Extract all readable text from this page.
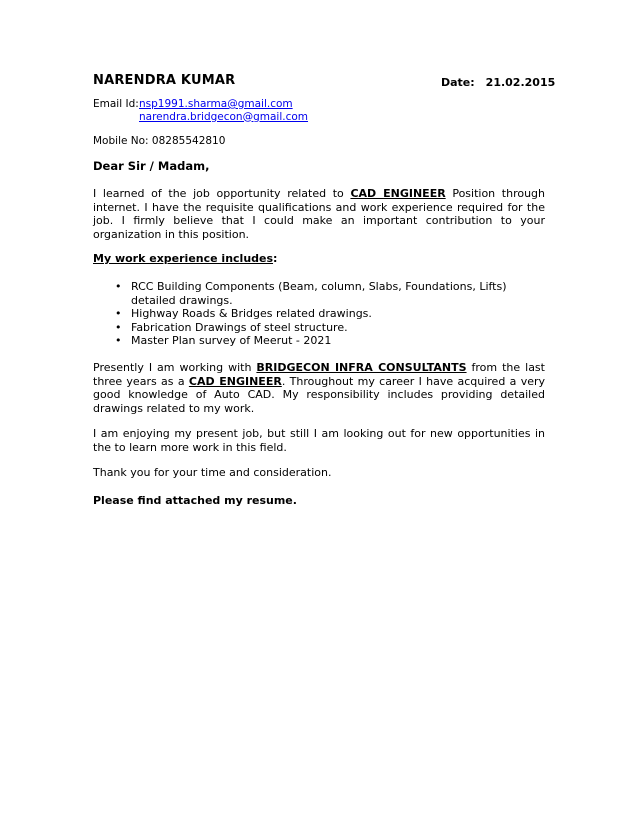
NARENDRA KUMAR	Date: 21.02.2015
Email Id: nsp1991.sharma@gmail.com
narendra.bridgecon@gmail.com
Mobile No: 08285542810
Dear Sir / Madam,
I learned of the job opportunity related to CAD ENGINEER Position through internet. I have the requisite qualifications and work experience required for the job. I firmly believe that I could make an important contribution to your organization in this position.
My work experience includes:
• RCC Building Components (Beam, column, Slabs, Foundations, Lifts) detailed drawings.
• Highway Roads & Bridges related drawings.
• Fabrication Drawings of steel structure.
• Master Plan survey of Meerut - 2021
Presently I am working with BRIDGECON INFRA CONSULTANTS from the last three years as a CAD ENGINEER. Throughout my career I have acquired a very good knowledge of Auto CAD. My responsibility includes providing detailed drawings related to my work.
I am enjoying my present job, but still I am looking out for new opportunities in the to learn more work in this field.
Thank you for your time and consideration.
Please find attached my resume.
